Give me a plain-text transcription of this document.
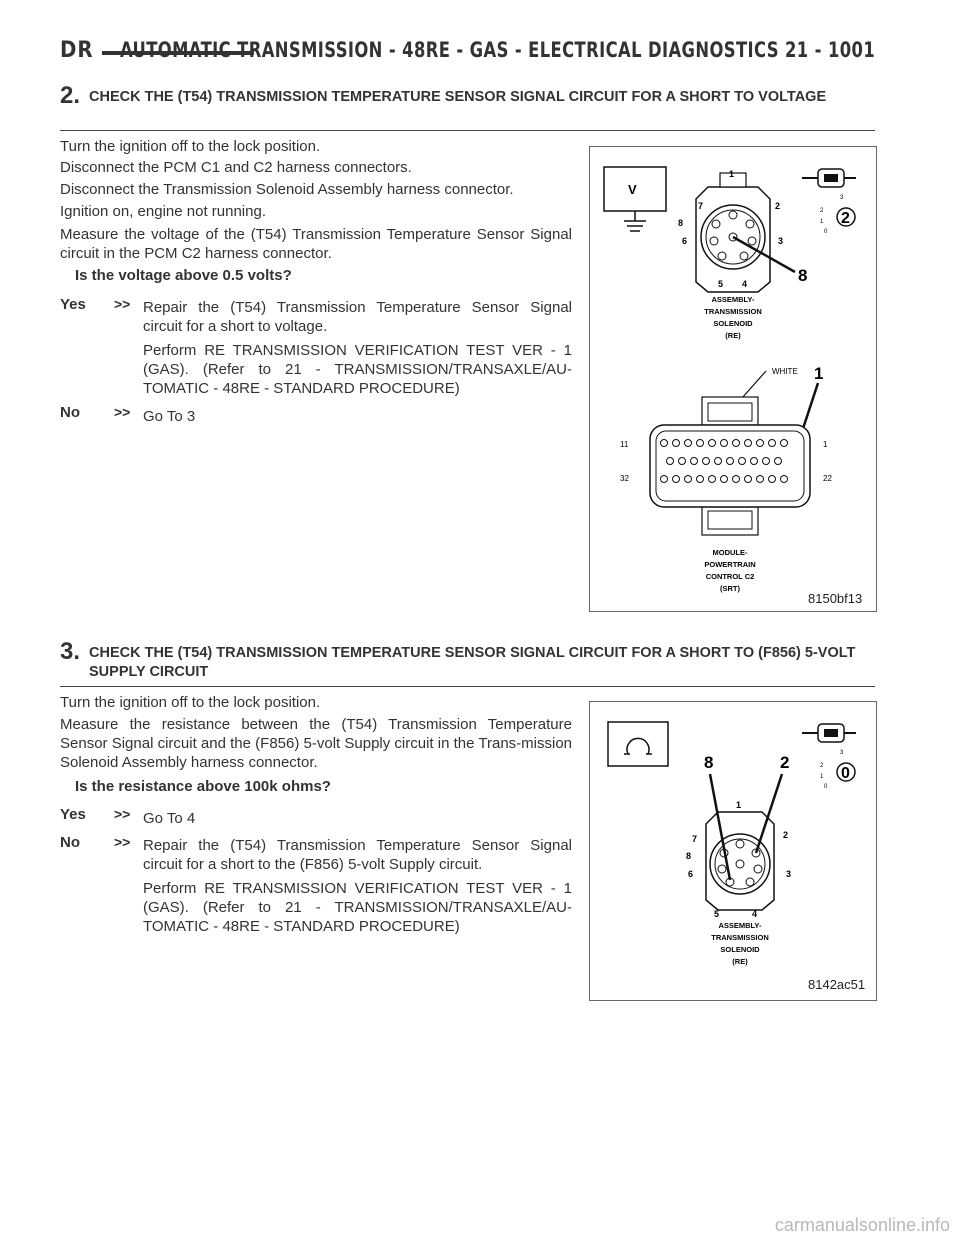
DR AUTOMATIC TRANSMISSION - 48RE - GAS - ELECTRICAL DIAGNOSTICS 21 - 1001
2. CHECK THE (T54) TRANSMISSION TEMPERATURE SENSOR SIGNAL CIRCUIT FOR A SHORT TO VOLTAGE

Turn the ignition off to the lock position.

Disconnect the PCM C1 and C2 harness connectors.

Disconnect the Transmission Solenoid Assembly harness connector.

Ignition on, engine not running.

Measure the voltage of the (T54) Transmission Temperature Sensor Signal circuit in the PCM C2 harness connector.

Is the voltage above 0.5 volts?
Yes >> Repair the (T54) Transmission Temperature Sensor Signal circuit for a short to voltage.

Perform RE TRANSMISSION VERIFICATION TEST VER - 1 (GAS). (Refer to 21 - TRANSMISSION/TRANSAXLE/AU-TOMATIC - 48RE - STANDARD PROCEDURE)

No >> Go To 3

V
3
2
1
0
2
1
2
3
4
5
6
7
8
8
ASSEMBLY-
TRANSMISSION
SOLENOID
(RE)
WHITE 1
11
32
1
22
MODULE-
POWERTRAIN
CONTROL C2
(SRT)
8150bf13
3. CHECK THE (T54) TRANSMISSION TEMPERATURE SENSOR SIGNAL CIRCUIT FOR A SHORT TO (F856) 5-VOLT SUPPLY CIRCUIT

Turn the ignition off to the lock position.

Measure the resistance between the (T54) Transmission Temperature Sensor Signal circuit and the (F856) 5-volt Supply circuit in the Trans-mission Solenoid Assembly harness connector.

Is the resistance above 100k ohms?
Yes >> Go To 4

No >> Repair the (T54) Transmission Temperature Sensor Signal circuit for a short to the (F856) 5-volt Supply circuit.

Perform RE TRANSMISSION VERIFICATION TEST VER - 1 (GAS). (Refer to 21 - TRANSMISSION/TRANSAXLE/AU-TOMATIC - 48RE - STANDARD PROCEDURE)

3
2
1
0
0
8	2
1
2
3
4
5
6
7
8
ASSEMBLY-
TRANSMISSION
SOLENOID
(RE)
8142ac51
carmanualsonline.info
